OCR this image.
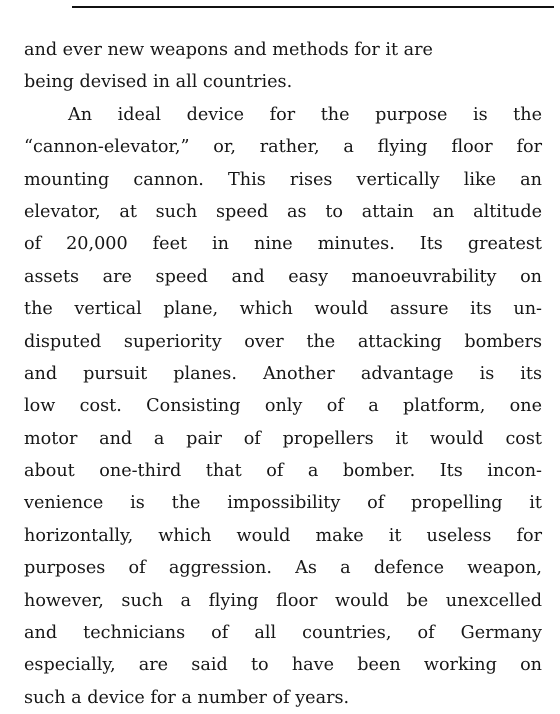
and ever new weapons and methods for it are
being devised in all countries.
An ideal device for the purpose is the
“cannon-elevator,” or, rather, a flying floor for
mounting cannon. This rises vertically like an
elevator, at such speed as to attain an altitude
of 20,000 feet in nine minutes. Its greatest
assets are speed and easy manoeuvrability on
the vertical plane, which would assure its un-
disputed superiority over the attacking bombers
and pursuit planes. Another advantage is its
low cost. Consisting only of a platform, one
motor and a pair of propellers it would cost
about one-third that of a bomber. Its incon-
venience is the impossibility of propelling it
horizontally, which would make it useless for
purposes of aggression. As a defence weapon,
however, such a flying floor would be unexcelled
and technicians of all countries, of Germany
especially, are said to have been working on
such a device for a number of years.
